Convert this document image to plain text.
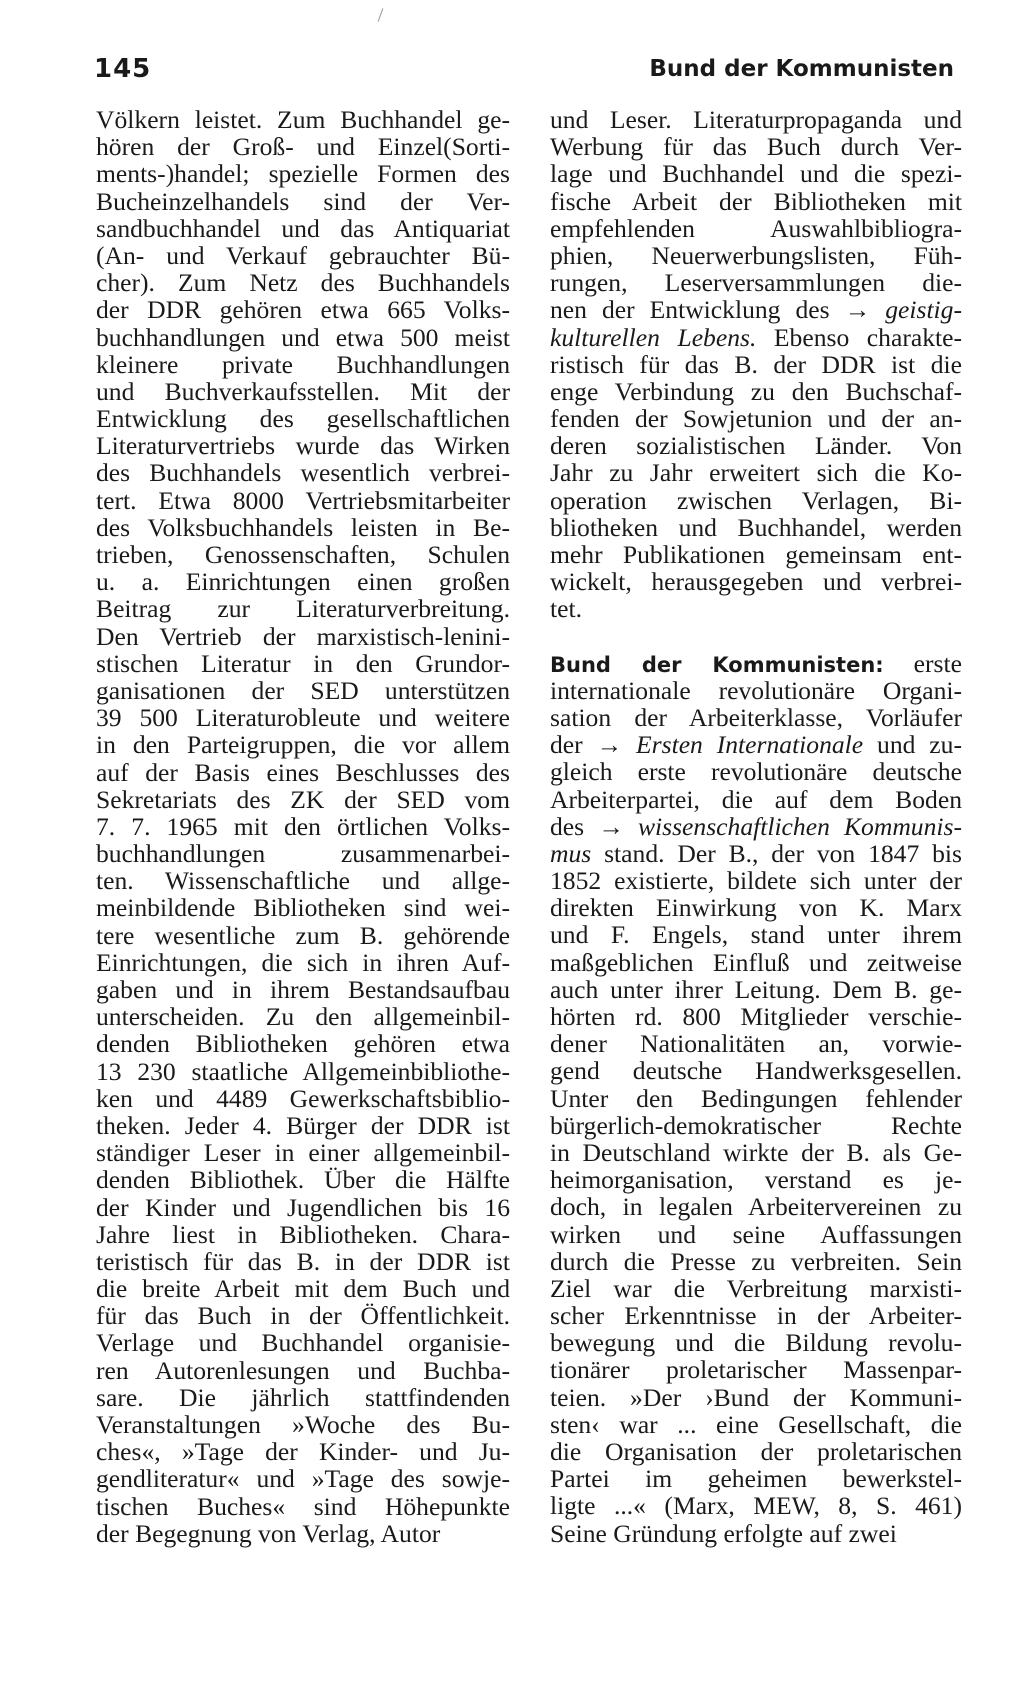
145	Bund der Kommunisten
Völkern leistet. Zum Buchhandel ge-
hören der Groß- und Einzel(Sorti-
ments-)handel; spezielle Formen des
Bucheinzelhandels sind der Ver-
sandbuchhandel und das Antiquariat
(An- und Verkauf gebrauchter Bü-
cher). Zum Netz des Buchhandels
der DDR gehören etwa 665 Volks-
buchhandlungen und etwa 500 meist
kleinere private Buchhandlungen
und Buchverkaufsstellen. Mit der
Entwicklung des gesellschaftlichen
Literaturvertriebs wurde das Wirken
des Buchhandels wesentlich verbrei-
tert. Etwa 8000 Vertriebsmitarbeiter
des Volksbuchhandels leisten in Be-
trieben, Genossenschaften, Schulen
u. a. Einrichtungen einen großen
Beitrag zur Literaturverbreitung.
Den Vertrieb der marxistisch-lenini-
stischen Literatur in den Grundor-
ganisationen der SED unterstützen
39 500 Literaturobleute und weitere
in den Parteigruppen, die vor allem
auf der Basis eines Beschlusses des
Sekretariats des ZK der SED vom
7. 7. 1965 mit den örtlichen Volks-
buchhandlungen zusammenarbei-
ten. Wissenschaftliche und allge-
meinbildende Bibliotheken sind wei-
tere wesentliche zum B. gehörende
Einrichtungen, die sich in ihren Auf-
gaben und in ihrem Bestandsaufbau
unterscheiden. Zu den allgemeinbil-
denden Bibliotheken gehören etwa
13 230 staatliche Allgemeinbibliothe-
ken und 4489 Gewerkschaftsbiblio-
theken. Jeder 4. Bürger der DDR ist
ständiger Leser in einer allgemeinbil-
denden Bibliothek. Über die Hälfte
der Kinder und Jugendlichen bis 16
Jahre liest in Bibliotheken. Chara-
teristisch für das B. in der DDR ist
die breite Arbeit mit dem Buch und
für das Buch in der Öffentlichkeit.
Verlage und Buchhandel organisie-
ren Autorenlesungen und Buchba-
sare. Die jährlich stattfindenden
Veranstaltungen »Woche des Bu-
ches«, »Tage der Kinder- und Ju-
gendliteratur« und »Tage des sowje-
tischen Buches« sind Höhepunkte
der Begegnung von Verlag, Autor
und Leser. Literaturpropaganda und
Werbung für das Buch durch Ver-
lage und Buchhandel und die spezi-
fische Arbeit der Bibliotheken mit
empfehlenden Auswahlbibliogra-
phien, Neuerwerbungslisten, Füh-
rungen, Leserversammlungen die-
nen der Entwicklung des → geistig-
kulturellen Lebens. Ebenso charakte-
ristisch für das B. der DDR ist die
enge Verbindung zu den Buchschaf-
fenden der Sowjetunion und der an-
deren sozialistischen Länder. Von
Jahr zu Jahr erweitert sich die Ko-
operation zwischen Verlagen, Bi-
bliotheken und Buchhandel, werden
mehr Publikationen gemeinsam ent-
wickelt, herausgegeben und verbrei-
tet.
Bund der Kommunisten: erste
internationale revolutionäre Organi-
sation der Arbeiterklasse, Vorläufer
der → Ersten Internationale und zu-
gleich erste revolutionäre deutsche
Arbeiterpartei, die auf dem Boden
des → wissenschaftlichen Kommunis-
mus stand. Der B., der von 1847 bis
1852 existierte, bildete sich unter der
direkten Einwirkung von K. Marx
und F. Engels, stand unter ihrem
maßgeblichen Einfluß und zeitweise
auch unter ihrer Leitung. Dem B. ge-
hörten rd. 800 Mitglieder verschie-
dener Nationalitäten an, vorwie-
gend deutsche Handwerksgesellen.
Unter den Bedingungen fehlender
bürgerlich-demokratischer Rechte
in Deutschland wirkte der B. als Ge-
heimorganisation, verstand es je-
doch, in legalen Arbeitervereinen zu
wirken und seine Auffassungen
durch die Presse zu verbreiten. Sein
Ziel war die Verbreitung marxisti-
scher Erkenntnisse in der Arbeiter-
bewegung und die Bildung revolu-
tionärer proletarischer Massenpar-
teien. »Der ›Bund der Kommuni-
sten‹ war ... eine Gesellschaft, die
die Organisation der proletarischen
Partei im geheimen bewerkstel-
ligte ...« (Marx, MEW, 8, S. 461)
Seine Gründung erfolgte auf zwei
